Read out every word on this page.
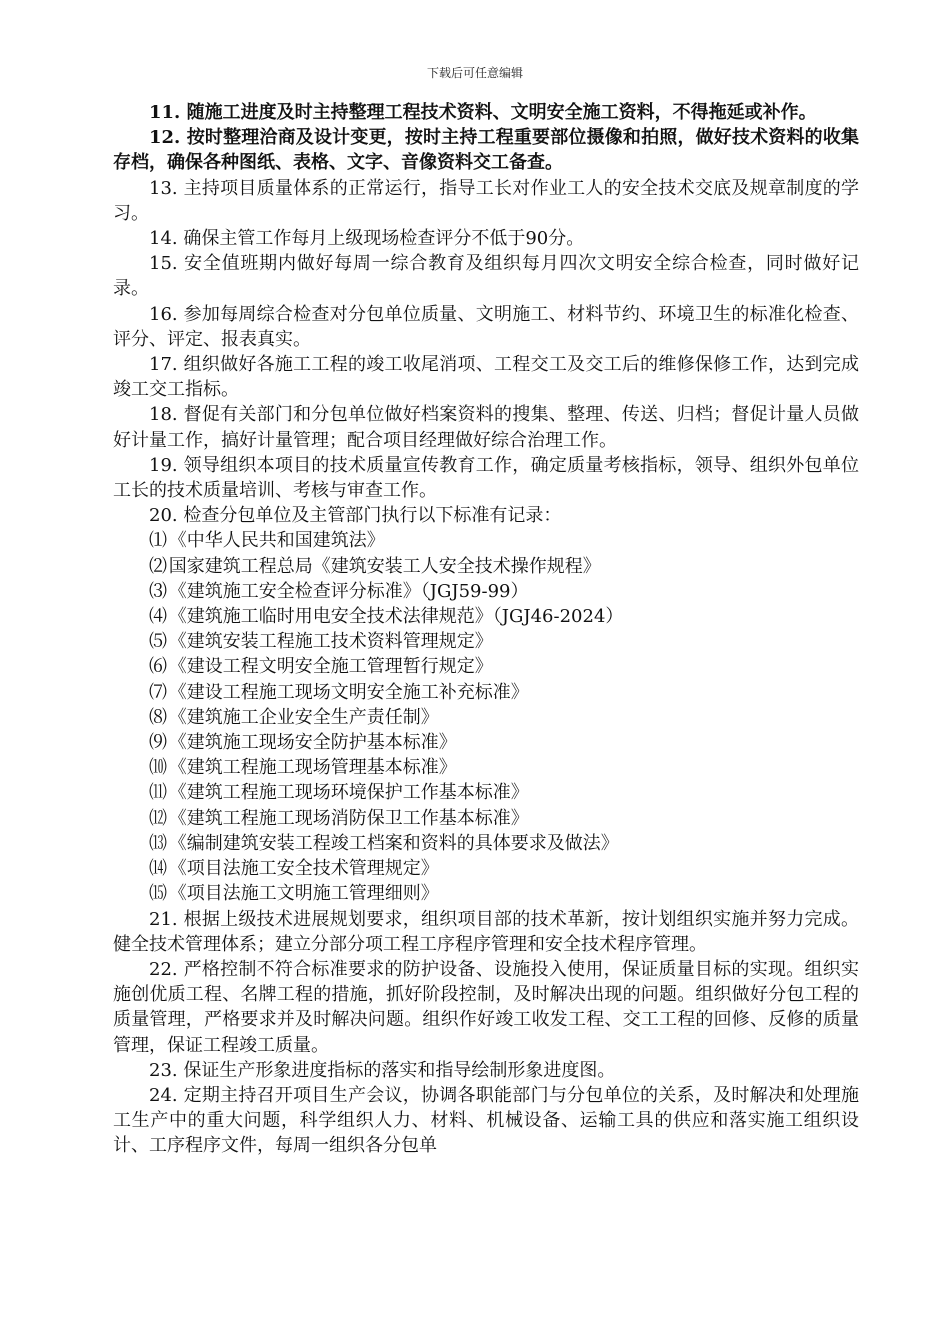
下载后可任意编辑

11. 随施工进度及时主持整理工程技术资料、文明安全施工资料，不得拖延或补作。

12. 按时整理洽商及设计变更，按时主持工程重要部位摄像和拍照，做好技术资料的收集存档，确保各种图纸、表格、文字、音像资料交工备查。

13. 主持项目质量体系的正常运行，指导工长对作业工人的安全技术交底及规章制度的学习。

14. 确保主管工作每月上级现场检查评分不低于90分。

15. 安全值班期内做好每周一综合教育及组织每月四次文明安全综合检查，同时做好记录。

16. 参加每周综合检查对分包单位质量、文明施工、材料节约、环境卫生的标准化检查、评分、评定、报表真实。

17. 组织做好各施工工程的竣工收尾消项、工程交工及交工后的维修保修工作，达到完成竣工交工指标。

18. 督促有关部门和分包单位做好档案资料的搜集、整理、传送、归档；督促计量人员做好计量工作，搞好计量管理；配合项目经理做好综合治理工作。

19. 领导组织本项目的技术质量宣传教育工作，确定质量考核指标，领导、组织外包单位工长的技术质量培训、考核与审查工作。

20. 检查分包单位及主管部门执行以下标准有记录：

⑴《中华人民共和国建筑法》

⑵国家建筑工程总局《建筑安装工人安全技术操作规程》

⑶《建筑施工安全检查评分标准》（JGJ59-99）

⑷《建筑施工临时用电安全技术法律规范》（JGJ46-2024）

⑸《建筑安装工程施工技术资料管理规定》

⑹《建设工程文明安全施工管理暂行规定》

⑺《建设工程施工现场文明安全施工补充标准》

⑻《建筑施工企业安全生产责任制》

⑼《建筑施工现场安全防护基本标准》

⑽《建筑工程施工现场管理基本标准》

⑾《建筑工程施工现场环境保护工作基本标准》

⑿《建筑工程施工现场消防保卫工作基本标准》

⒀《编制建筑安装工程竣工档案和资料的具体要求及做法》

⒁《项目法施工安全技术管理规定》

⒂《项目法施工文明施工管理细则》

21. 根据上级技术进展规划要求，组织项目部的技术革新，按计划组织实施并努力完成。健全技术管理体系；建立分部分项工程工序程序管理和安全技术程序管理。

22. 严格控制不符合标准要求的防护设备、设施投入使用，保证质量目标的实现。组织实施创优质工程、名牌工程的措施，抓好阶段控制，及时解决出现的问题。组织做好分包工程的质量管理，严格要求并及时解决问题。组织作好竣工收发工程、交工工程的回修、反修的质量管理，保证工程竣工质量。

23. 保证生产形象进度指标的落实和指导绘制形象进度图。

24. 定期主持召开项目生产会议，协调各职能部门与分包单位的关系，及时解决和处理施工生产中的重大问题，科学组织人力、材料、机械设备、运输工具的供应和落实施工组织设计、工序程序文件，每周一组织各分包单
